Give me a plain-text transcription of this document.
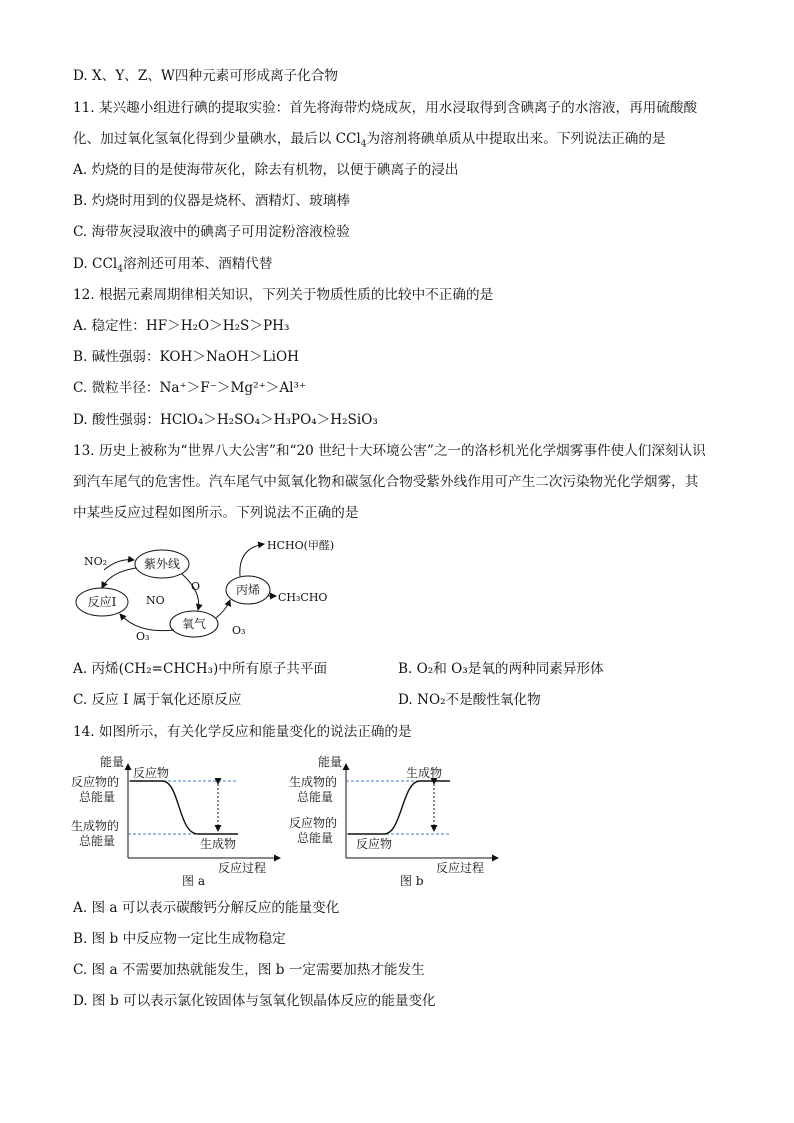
D. X、Y、Z、W四种元素可形成离子化合物
11. 某兴趣小组进行碘的提取实验：首先将海带灼烧成灰，用水浸取得到含碘离子的水溶液，再用硫酸酸
化、加过氧化氢氧化得到少量碘水，最后以 CCl$_4$为溶剂将碘单质从中提取出来。下列说法正确的是
A. 灼烧的目的是使海带灰化，除去有机物，以便于碘离子的浸出
B. 灼烧时用到的仪器是烧杯、酒精灯、玻璃棒
C. 海带灰浸取液中的碘离子可用淀粉溶液检验
D. CCl$_4$溶剂还可用苯、酒精代替
12. 根据元素周期律相关知识，下列关于物质性质的比较中不正确的是
A. 稳定性：HF＞H₂O＞H₂S＞PH₃
B. 碱性强弱：KOH＞NaOH＞LiOH
C. 微粒半径：Na⁺＞F⁻＞Mg²⁺＞Al³⁺
D. 酸性强弱：HClO₄＞H₂SO₄＞H₃PO₄＞H₂SiO₃
13. 历史上被称为“世界八大公害”和“20 世纪十大环境公害”之一的洛杉机光化学烟雾事件使人们深刻认识
到汽车尾气的危害性。汽车尾气中氮氧化物和碳氢化合物受紫外线作用可产生二次污染物光化学烟雾，其
中某些反应过程如图所示。下列说法不正确的是
紫外线
反应I
氧气
丙烯
NO₂
NO
O
O₃	O₃
HCHO(甲醛)
CH₃CHO
A. 丙烯(CH₂=CHCH₃)中所有原子共平面	B. O₂和 O₃是氧的两种同素异形体
C. 反应 I 属于氧化还原反应	D. NO₂不是酸性氧化物
14. 如图所示，有关化学反应和能量变化的说法正确的是
能量
反应物的
总能量
生成物的
总能量
反应物
生成物
反应过程
图 a
能量
生成物的
总能量
反应物的
总能量
生成物
反应物
反应过程
图 b
A. 图 a 可以表示碳酸钙分解反应的能量变化
B. 图 b 中反应物一定比生成物稳定
C. 图 a 不需要加热就能发生，图 b 一定需要加热才能发生
D. 图 b 可以表示氯化铵固体与氢氧化钡晶体反应的能量变化
